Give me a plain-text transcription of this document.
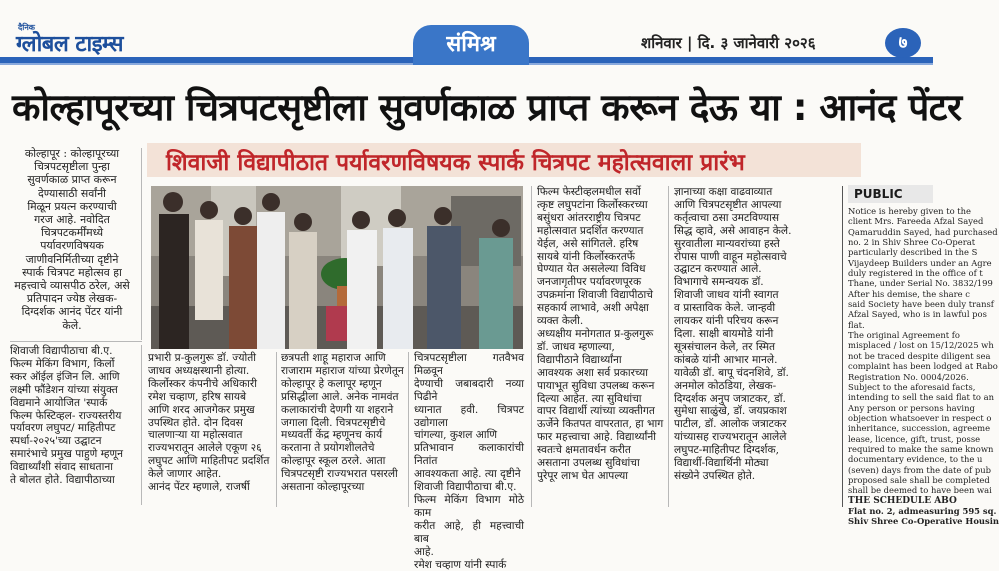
दैनिक
ग्लोबल टाइम्स	संमिश्र	शनिवार | दि. ३ जानेवारी २०२६	७
कोल्हापूरच्या चित्रपटसृष्टीला सुवर्णकाळ प्राप्त करून देऊ या : आनंद पेंटर
शिवाजी विद्यापीठात पर्यावरणविषयक स्पार्क चित्रपट महोत्सवाला प्रारंभ

कोल्हापूर : कोल्हापूरच्या

चित्रपटसृष्टीला पुन्हा

सुवर्णकाळ प्राप्त करून

देण्यासाठी सर्वांनी

मिळून प्रयत्न करण्याची

गरज आहे. नवोदित

चित्रपटकर्मींमध्ये

पर्यावरणविषयक

जाणीवनिर्मितीच्या दृष्टीने

स्पार्क चित्रपट महोत्सव हा

महत्त्वाचे व्यासपीठ ठरेल, असे

प्रतिपादन ज्येष्ठ लेखक-

दिग्दर्शक आनंद पेंटर यांनी

केले.

शिवाजी विद्यापीठाचा बी.ए.

फिल्म मेकिंग विभाग, किर्लो

स्कर ऑईल इंजिन लि. आणि

लक्ष्मी फौंडेशन यांच्या संयुक्त

विद्यमाने आयोजित 'स्पार्क

फिल्म फेस्टिव्हल- राज्यस्तरीय

पर्यावरण लघुपट/ माहितीपट

स्पर्धा-२०२५'च्या उद्घाटन

समारंभाचे प्रमुख पाहुणे म्हणून

विद्यार्थ्यांशी संवाद साधताना

ते बोलत होते. विद्यापीठाच्या

प्रभारी प्र-कुलगुरू डॉ. ज्योती

जाधव अध्यक्षस्थानी होत्या.

किर्लोस्कर कंपनीचे अधिकारी

रमेश चव्हाण, हरिष सायबे

आणि शरद आजगेकर प्रमुख

उपस्थित होते. दोन दिवस

चालणाऱ्या या महोत्सवात

राज्यभरातून आलेले एकूण २६

लघुपट आणि माहितीपट प्रदर्शित

केले जाणार आहेत.

आनंद पेंटर म्हणाले, राजर्षी

छत्रपती शाहू महाराज आणि

राजाराम महाराज यांच्या प्रेरणेतून

कोल्हापूर हे कलापूर म्हणून

प्रसिद्धीला आले. अनेक नामवंत

कलाकारांची देणगी या शहराने

जगाला दिली. चित्रपटसृष्टीचे

मध्यवर्ती केंद्र म्हणूनच कार्य

करताना ते प्रयोगशीलतेचे

कोल्हापूर स्कूल ठरले. आता

चित्रपटसृष्टी राज्यभरात पसरली

असताना कोल्हापूरच्या

चित्रपटसृष्टीला गतवैभव मिळवून

देण्याची जबाबदारी नव्या पिढीने

ध्यानात हवी. चित्रपट उद्योगाला

चांगल्या, कुशल आणि

प्रतिभावान कलाकारांची नितांत

आवश्यकता आहे. त्या दृष्टीने

शिवाजी विद्यापीठाचा बी.ए.

फिल्म मेकिंग विभाग मोठे काम

करीत आहे, ही महत्त्वाची बाब

आहे.

रमेश चव्हाण यांनी स्पार्क

फिल्म फेस्टीव्हलमधील सर्वो

त्कृष्ट लघुपटांना किर्लोस्करच्या

बसुंधरा आंतरराष्ट्रीय चित्रपट

महोत्सवात प्रदर्शित करण्यात

येईल, असे सांगितले. हरिष

सायबे यांनी किर्लोस्करतर्फे

घेण्यात येत असलेल्या विविध

जनजागृतीपर पर्यावरणपूरक

उपक्रमांना शिवाजी विद्यापीठाचे

सहकार्य लाभावे, अशी अपेक्षा

व्यक्त केली.

अध्यक्षीय मनोगतात प्र-कुलगुरू

डॉ. जाधव म्हणाल्या,

विद्यापीठाने विद्यार्थ्यांना

आवश्यक अशा सर्व प्रकारच्या

पायाभूत सुविधा उपलब्ध करून

दिल्या आहेत. त्या सुविधांचा

वापर विद्यार्थी त्यांच्या व्यक्तीगत

ऊर्जेने कितपत वापरतात, हा भाग

फार महत्त्वाचा आहे. विद्यार्थ्यांनी

स्वतःचे क्षमतावर्धन करीत

असताना उपलब्ध सुविधांचा

पुरेपूर लाभ घेत आपल्या

ज्ञानाच्या कक्षा वाढवाव्यात

आणि चित्रपटसृष्टीत आपल्या

कर्तृत्वाचा ठसा उमटविण्यास

सिद्ध व्हावे, असे आवाहन केले.

सुरवातीला मान्यवरांच्या हस्ते

रोपास पाणी वाहून महोत्सवाचे

उद्घाटन करण्यात आले.

विभागाचे समन्वयक डॉ.

शिवाजी जाधव यांनी स्वागत

व प्रास्ताविक केले. जान्हवी

लायकर यांनी परिचय करून

दिला. साक्षी बायमोडे यांनी

सूत्रसंचालन केले, तर स्मित

कांबळे यांनी आभार मानले.

यावेळी डॉ. बापू चंदनशिवे, डॉ.

अनमोल कोठडिया, लेखक-

दिग्दर्शक अनुप जत्राटकर, डॉ.

सुमेधा साळुंखे, डॉ. जयप्रकाश

पाटील, डॉ. आलोक जत्राटकर

यांच्यासह राज्यभरातून आलेले

लघुपट-माहितीपट दिग्दर्शक,

विद्यार्थी-विद्यार्थिनी मोठ्या

संख्येने उपस्थित होते.

PUBLIC

Notice is hereby given to the

client Mrs. Fareeda Afzal Sayed

Qamaruddin Sayed, had purchased

no. 2 in Shiv Shree Co-Operat

particularly described in the S

Vijaydeep Builders under an Agre

duly registered in the office of t

Thane, under Serial No. 3832/199

After his demise, the share c

said Society have been duly transf

Afzal Sayed, who is in lawful pos

flat.

The original Agreement fo

misplaced / lost on 15/12/2025 wh

not be traced despite diligent sea

complaint has been lodged at Rabo

Registration No. 0004/2026.

Subject to the aforesaid facts,

intending to sell the said flat to an

Any person or persons having

objection whatsoever in respect o

inheritance, succession, agreeme

lease, licence, gift, trust, posse

required to make the same known

documentary evidence, to the u

(seven) days from the date of pub

proposed sale shall be completed

shall be deemed to have been wai

THE SCHEDULE ABO

Flat no. 2, admeasuring 595 sq.

Shiv Shree Co-Operative Housin
